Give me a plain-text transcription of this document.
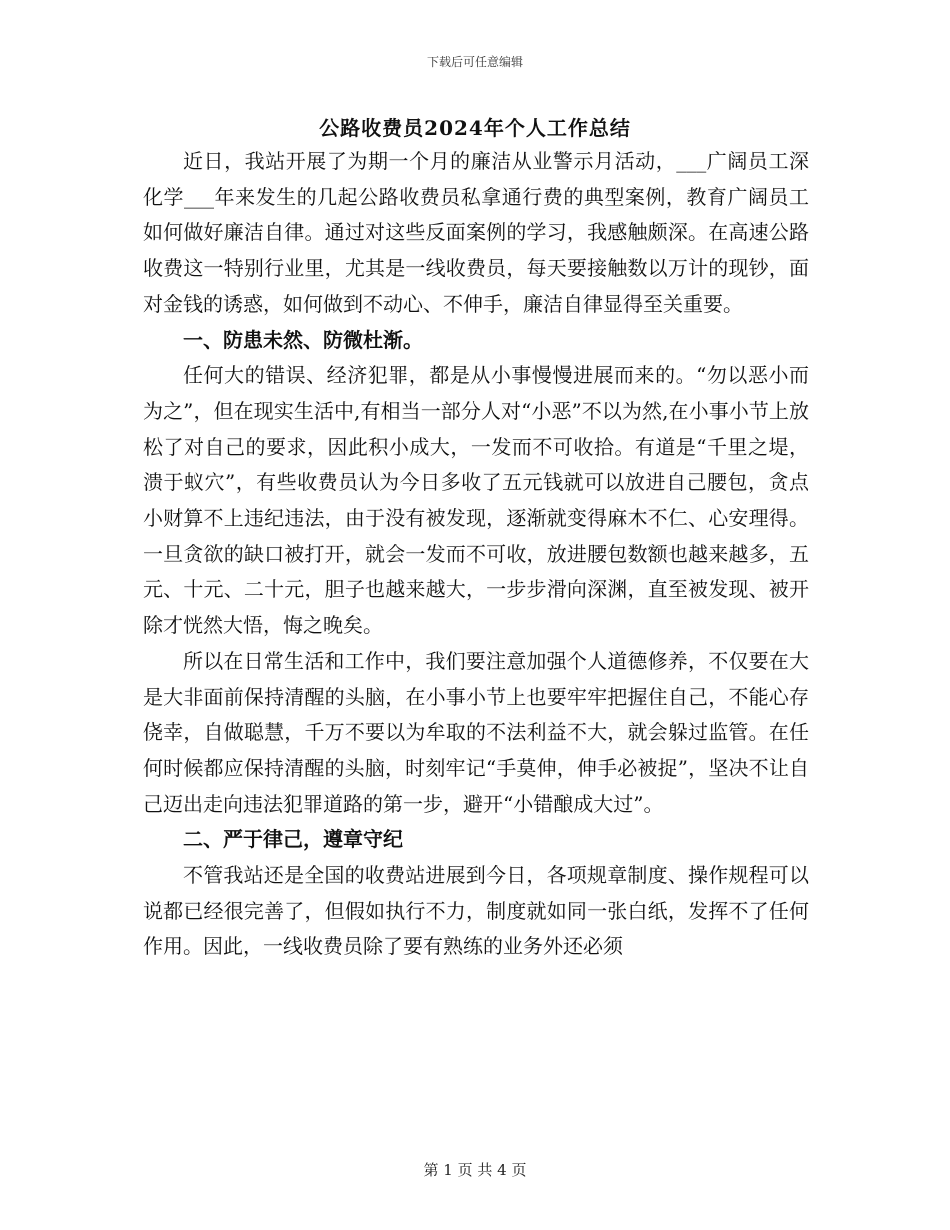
下载后可任意编辑
公路收费员2024年个人工作总结

近日，我站开展了为期一个月的廉洁从业警示月活动，___广阔员工深化学___年来发生的几起公路收费员私拿通行费的典型案例，教育广阔员工如何做好廉洁自律。通过对这些反面案例的学习，我感触颇深。在高速公路收费这一特别行业里，尤其是一线收费员，每天要接触数以万计的现钞，面对金钱的诱惑，如何做到不动心、不伸手，廉洁自律显得至关重要。

一、防患未然、防微杜渐。

任何大的错误、经济犯罪，都是从小事慢慢进展而来的。“勿以恶小而为之”，但在现实生活中,有相当一部分人对“小恶”不以为然,在小事小节上放松了对自己的要求，因此积小成大，一发而不可收拾。有道是“千里之堤，溃于蚁穴”，有些收费员认为今日多收了五元钱就可以放进自己腰包，贪点小财算不上违纪违法，由于没有被发现，逐渐就变得麻木不仁、心安理得。一旦贪欲的缺口被打开，就会一发而不可收，放进腰包数额也越来越多，五元、十元、二十元，胆子也越来越大，一步步滑向深渊，直至被发现、被开除才恍然大悟，悔之晚矣。

所以在日常生活和工作中，我们要注意加强个人道德修养，不仅要在大是大非面前保持清醒的头脑，在小事小节上也要牢牢把握住自己，不能心存侥幸，自做聪慧，千万不要以为牟取的不法利益不大，就会躲过监管。在任何时候都应保持清醒的头脑，时刻牢记“手莫伸，伸手必被捉”，坚决不让自己迈出走向违法犯罪道路的第一步，避开“小错酿成大过”。

二、严于律己，遵章守纪

不管我站还是全国的收费站进展到今日，各项规章制度、操作规程可以说都已经很完善了，但假如执行不力，制度就如同一张白纸，发挥不了任何作用。因此，一线收费员除了要有熟练的业务外还必须

第 1 页 共 4 页
